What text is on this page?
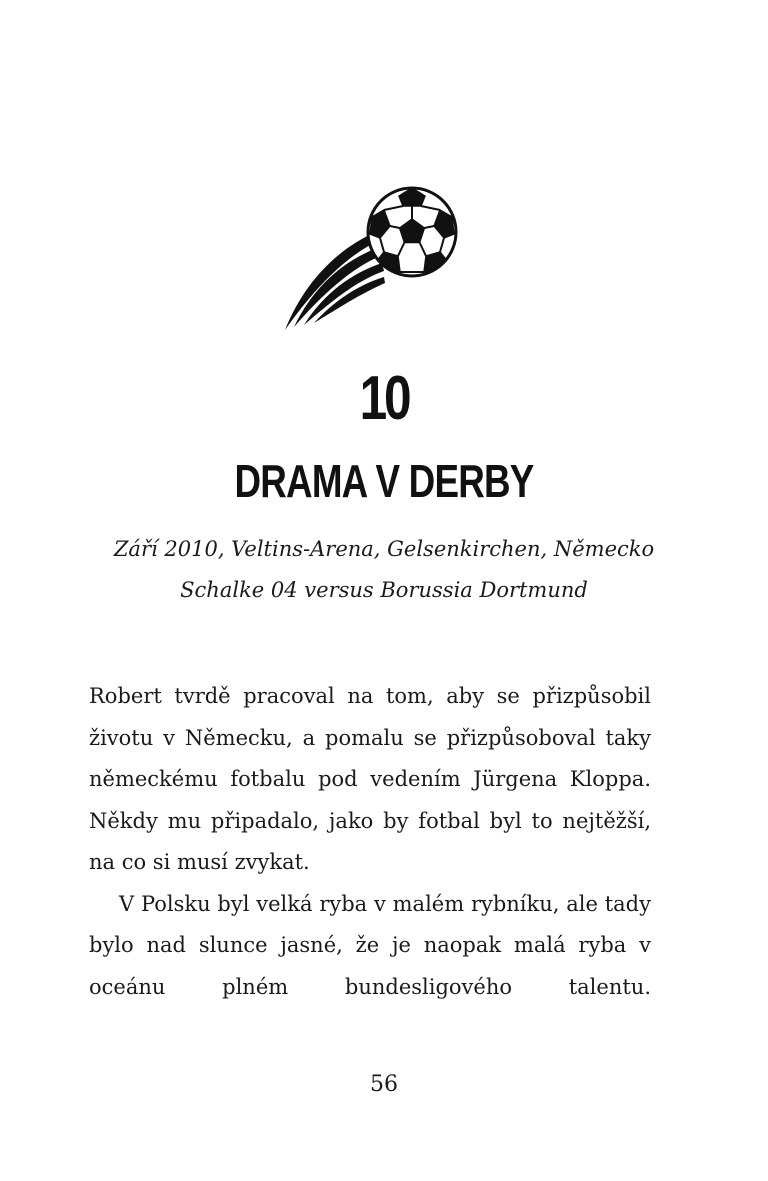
10
DRAMA V DERBY
Září 2010, Veltins-Arena, Gelsenkirchen, Německo
Schalke 04 versus Borussia Dortmund

Robert tvrdě pracoval na tom, aby se přizpůsobil životu v Německu, a pomalu se přizpůsoboval taky německému fotbalu pod vedením Jürgena Kloppa. Někdy mu připadalo, jako by fotbal byl to nejtěžší, na co si musí zvykat.

V Polsku byl velká ryba v malém rybníku, ale tady bylo nad slunce jasné, že je naopak malá ryba v oceánu plném bundesligového talentu.

56
